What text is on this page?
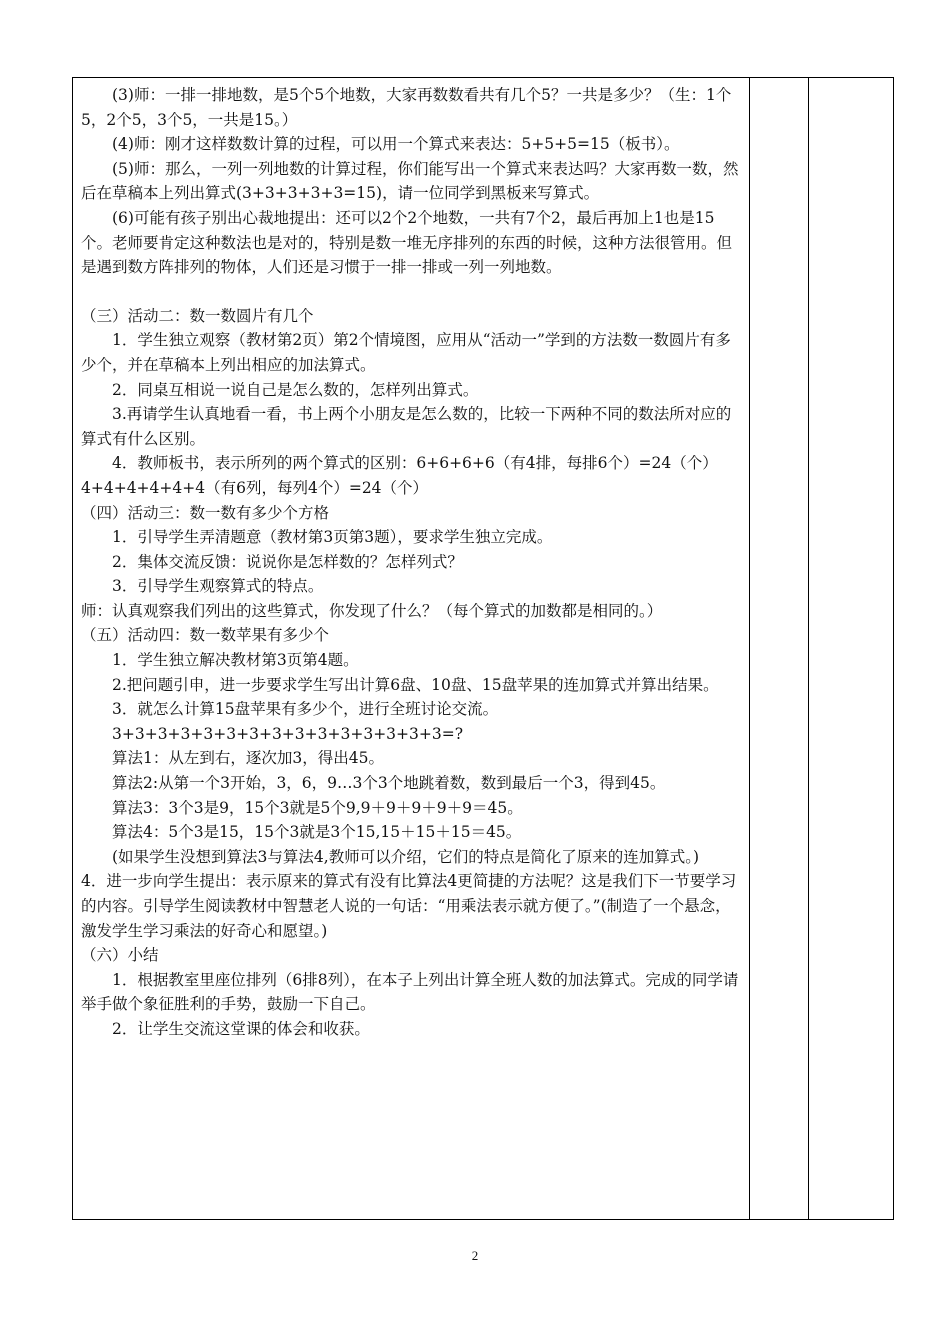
(3)师：一排一排地数，是5个5个地数，大家再数数看共有几个5？一共是多少？（生：1个5，2个5，3个5，一共是15。）

(4)师：刚才这样数数计算的过程，可以用一个算式来表达：5+5+5=15（板书）。

(5)师：那么，一列一列地数的计算过程，你们能写出一个算式来表达吗？大家再数一数，然后在草稿本上列出算式(3+3+3+3+3=15)，请一位同学到黑板来写算式。

(6)可能有孩子别出心裁地提出：还可以2个2个地数，一共有7个2，最后再加上1也是15个。老师要肯定这种数法也是对的，特别是数一堆无序排列的东西的时候，这种方法很管用。但是遇到数方阵排列的物体，人们还是习惯于一排一排或一列一列地数。

（三）活动二：数一数圆片有几个

1．学生独立观察（教材第2页）第2个情境图，应用从“活动一”学到的方法数一数圆片有多少个，并在草稿本上列出相应的加法算式。

2．同桌互相说一说自己是怎么数的，怎样列出算式。

3.再请学生认真地看一看，书上两个小朋友是怎么数的，比较一下两种不同的数法所对应的算式有什么区别。

4．教师板书，表示所列的两个算式的区别：6+6+6+6（有4排，每排6个）=24（个）4+4+4+4+4+4（有6列，每列4个）=24（个）

（四）活动三：数一数有多少个方格

1．引导学生弄清题意（教材第3页第3题），要求学生独立完成。

2．集体交流反馈：说说你是怎样数的？怎样列式？

3．引导学生观察算式的特点。

师：认真观察我们列出的这些算式，你发现了什么？（每个算式的加数都是相同的。）

（五）活动四：数一数苹果有多少个

1．学生独立解决教材第3页第4题。

2.把问题引申，进一步要求学生写出计算6盘、10盘、15盘苹果的连加算式并算出结果。

3．就怎么计算15盘苹果有多少个，进行全班讨论交流。

3+3+3+3+3+3+3+3+3+3+3+3+3+3+3=?

算法1：从左到右，逐次加3，得出45。

算法2:从第一个3开始，3，6，9…3个3个地跳着数，数到最后一个3，得到45。

算法3：3个3是9，15个3就是5个9,9＋9＋9＋9＋9＝45。

算法4：5个3是15，15个3就是3个15,15＋15＋15＝45。

(如果学生没想到算法3与算法4,教师可以介绍，它们的特点是简化了原来的连加算式。)

4．进一步向学生提出：表示原来的算式有没有比算法4更简捷的方法呢？这是我们下一节要学习的内容。引导学生阅读教材中智慧老人说的一句话：“用乘法表示就方便了。”(制造了一个悬念，激发学生学习乘法的好奇心和愿望。)

（六）小结

1．根据教室里座位排列（6排8列），在本子上列出计算全班人数的加法算式。完成的同学请举手做个象征胜利的手势，鼓励一下自己。

2．让学生交流这堂课的体会和收获。

2
